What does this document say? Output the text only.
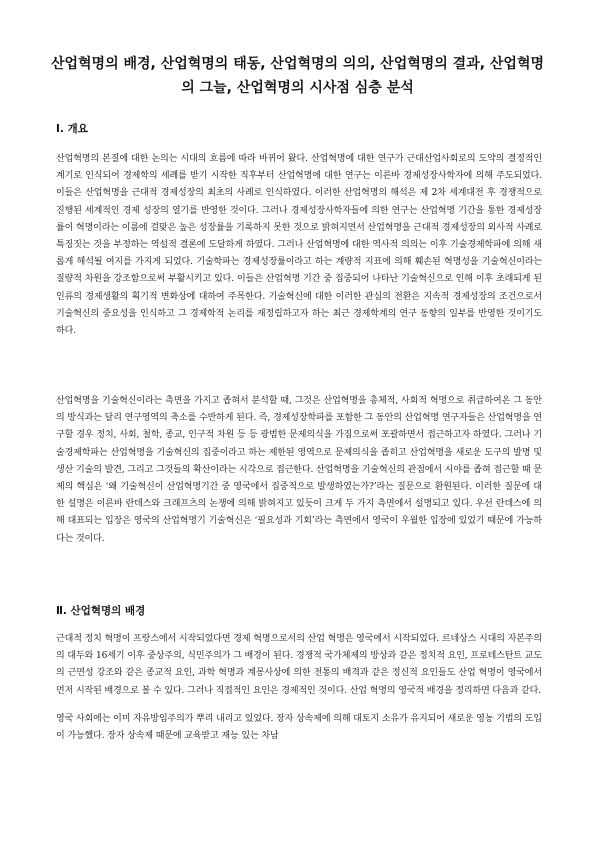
산업혁명의 배경, 산업혁명의 태동, 산업혁명의 의의, 산업혁명의 결과, 산업혁명의 그늘, 산업혁명의 시사점 심층 분석
Ⅰ. 개요

산업혁명의 본질에 대한 논의는 시대의 흐름에 따라 바뀌어 왔다. 산업혁명에 대한 연구가 근대산업사회로의 도약의 결정적인 계기로 인식되어 경제학의 세례를 받기 시작한 직후부터 산업혁명에 대한 연구는 이른바 경제성장사학자에 의해 주도되었다. 이들은 산업혁명을 근대적 경제성장의 최초의 사례로 인식하였다. 이러한 산업혁명의 해석은 제 2차 세계대전 후 경쟁적으로 진행된 세계적인 경제 성장의 열기를 반영한 것이다. 그러나 경제성장사학자들에 의한 연구는 산업혁명 기간을 통한 경제성장률이 혁명이라는 이름에 걸맞은 높은 성장률을 기록하지 못한 것으로 밝혀지면서 산업혁명을 근대적 경제성장의 외사적 사례로 특징짓는 것을 부정하는 역설적 결론에 도달하게 하였다. 그러나 산업혁명에 대한 역사적 의의는 이후 기술경제학파에 의해 새롭게 해석될 여지를 가지게 되었다. 기술학파는 경제성장률이라고 하는 계량적 지표에 의해 훼손된 혁명성을 기술혁신이라는 질량적 차원을 강조함으로써 부활시키고 있다. 이들은 산업혁명 기간 중 집중되어 나타난 기술혁신으로 인해 이후 초래되게 된 인류의 경제생활의 획기적 변화상에 대하여 주목한다. 기술혁신에 대한 이러한 관심의 전환은 지속적 경제성장의 조건으로서 기술혁신의 중요성을 인식하고 그 경제학적 논리를 재정립하고자 하는 최근 경제학계의 연구 동향의 일부를 반영한 것이기도 하다.

산업혁명을 기술혁신이라는 측면을 가지고 좁혀서 분석할 때, 그것은 산업혁명을 총체적, 사회적 혁명으로 취급하여온 그 동안의 방식과는 달리 연구영역의 축소를 수반하게 된다. 즉, 경제성장학파를 포함한 그 동안의 산업혁명 연구자들은 산업혁명을 연구할 경우 정치, 사회, 철학, 종교, 인구적 차원 등 등 광범한 문제의식을 가짐으로써 포괄하면서 접근하고자 하였다. 그러나 기술경제학파는 산업혁명을 기술혁신의 집중이라고 하는 제한된 영역으로 문제의식을 좁히고 산업혁명을 새로운 도구의 발명 및 생산 기술의 발견, 그리고 그것들의 확산이라는 시각으로 접근한다. 산업혁명을 기술혁신의 관점에서 시야를 좁혀 접근할 때 문제의 핵심은 ‘왜 기술혁신이 산업혁명기간 중 영국에서 집중적으로 발생하였는가?’라는 질문으로 환원된다. 이러한 질문에 대한 설명은 이른바 란데스와 크래프츠의 논쟁에 의해 밝혀지고 있듯이 크게 두 가지 측면에서 설명되고 있다. 우선 란데스에 의해 대표되는 입장은 영국의 산업혁명기 기술혁신은 ‘필요성과 기회’라는 측면에서 영국이 우월한 입장에 있었기 때문에 가능하다는 것이다.

Ⅱ. 산업혁명의 배경

근대적 정치 혁명이 프랑스에서 시작되었다면 경제 혁명으로서의 산업 혁명은 영국에서 시작되었다. 르네상스 시대의 자본주의의 대두와 16세기 이후 중상주의, 식민주의가 그 배경이 된다. 경쟁적 국가체제의 방상과 같은 정치적 요인, 프로테스탄트 교도의 근면성 강조와 같은 종교적 요인, 과학 혁명과 계몽사상에 의한 전통의 배격과 같은 정신적 요인들도 산업 혁명이 영국에서 먼저 시작된 배경으로 볼 수 있다. 그러나 직접적인 요인은 경제적인 것이다. 산업 혁명의 영국적 배경을 정리하면 다음과 같다.

영국 사회에는 이미 자유방임주의가 뿌리 내리고 있었다. 장자 상속제에 의해 대토지 소유가 유지되어 새로운 영농 기법의 도입이 가능했다. 장자 상속제 때문에 교육받고 재능 있는 차남
